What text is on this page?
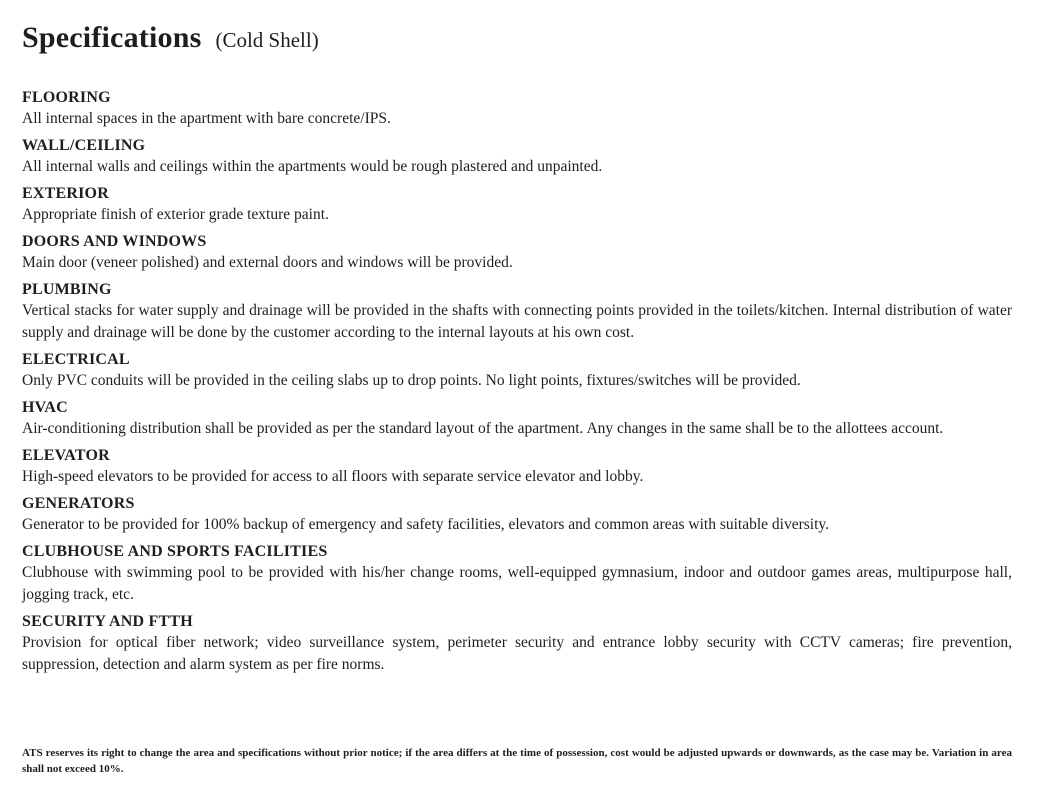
Specifications (Cold Shell)
FLOORING
All internal spaces in the apartment with bare concrete/IPS.
WALL/CEILING
All internal walls and ceilings within the apartments would be rough plastered and unpainted.
EXTERIOR
Appropriate finish of exterior grade texture paint.
DOORS AND WINDOWS
Main door (veneer polished) and external doors and windows will be provided.
PLUMBING
Vertical stacks for water supply and drainage will be provided in the shafts with connecting points provided in the toilets/kitchen. Internal distribution of water supply and drainage will be done by the customer according to the internal layouts at his own cost.
ELECTRICAL
Only PVC conduits will be provided in the ceiling slabs up to drop points. No light points, fixtures/switches will be provided.
HVAC
Air-conditioning distribution shall be provided as per the standard layout of the apartment. Any changes in the same shall be to the allottees account.
ELEVATOR
High-speed elevators to be provided for access to all floors with separate service elevator and lobby.
GENERATORS
Generator to be provided for 100% backup of emergency and safety facilities, elevators and common areas with suitable diversity.
CLUBHOUSE AND SPORTS FACILITIES
Clubhouse with swimming pool to be provided with his/her change rooms, well-equipped gymnasium, indoor and outdoor games areas, multipurpose hall, jogging track, etc.
SECURITY AND FTTH
Provision for optical fiber network; video surveillance system, perimeter security and entrance lobby security with CCTV cameras; fire prevention, suppression, detection and alarm system as per fire norms.
ATS reserves its right to change the area and specifications without prior notice; if the area differs at the time of possession, cost would be adjusted upwards or downwards, as the case may be. Variation in area shall not exceed 10%.
